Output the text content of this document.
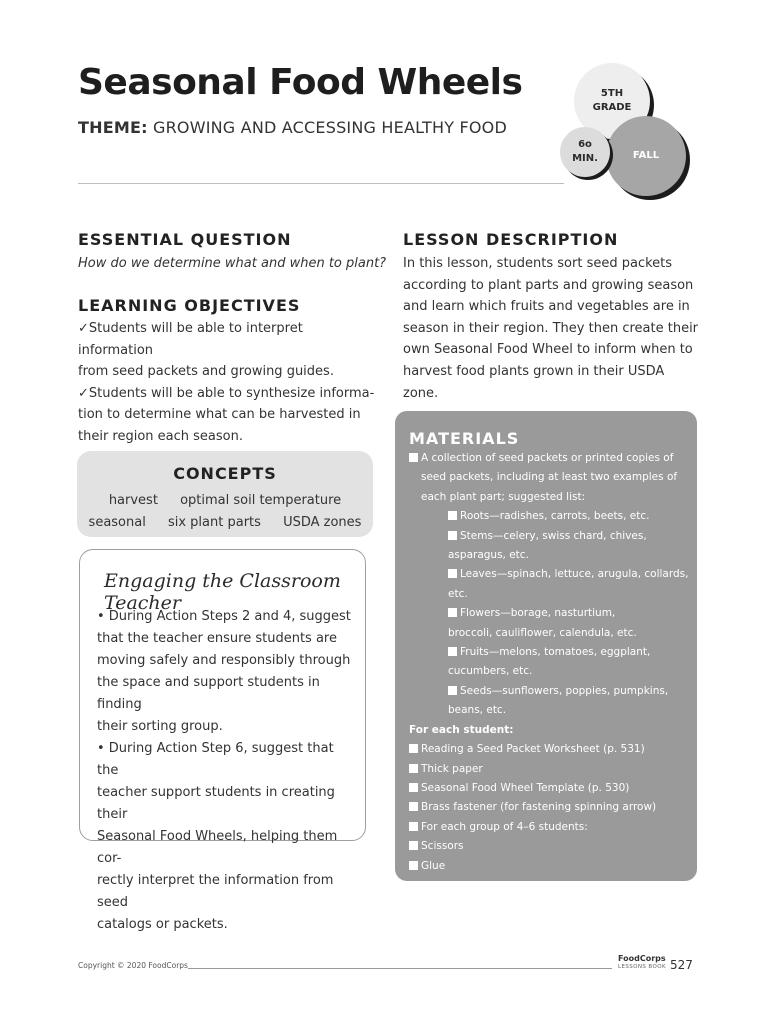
Seasonal Food Wheels
THEME: GROWING AND ACCESSING HEALTHY FOOD
5TH
GRADE
FALL
6o
MIN.
ESSENTIAL QUESTION
How do we determine what and when to plant?
LEARNING OBJECTIVES
✓Students will be able to interpret information
from seed packets and growing guides.
✓Students will be able to synthesize informa-
tion to determine what can be harvested in
their region each season.
LESSON DESCRIPTION
In this lesson, students sort seed packets
according to plant parts and growing season
and learn which fruits and vegetables are in
season in their region. They then create their
own Seasonal Food Wheel to inform when to
harvest food plants grown in their USDA zone.
CONCEPTS
harvest optimal soil temperature
seasonal six plant parts USDA zones
Engaging the Classroom Teacher
• During Action Steps 2 and 4, suggest
that the teacher ensure students are
moving safely and responsibly through
the space and support students in finding
their sorting group.
• During Action Step 6, suggest that the
teacher support students in creating their
Seasonal Food Wheels, helping them cor-
rectly interpret the information from seed
catalogs or packets.
MATERIALS
A collection of seed packets or printed copies of
seed packets, including at least two examples of
each plant part; suggested list:
Roots—radishes, carrots, beets, etc.
Stems—celery, swiss chard, chives,
asparagus, etc.
Leaves—spinach, lettuce, arugula, collards,
etc.
Flowers—borage, nasturtium,
broccoli, cauliflower, calendula, etc.
Fruits—melons, tomatoes, eggplant,
cucumbers, etc.
Seeds—sunflowers, poppies, pumpkins,
beans, etc.
For each student:
Reading a Seed Packet Worksheet (p. 531)
Thick paper
Seasonal Food Wheel Template (p. 530)
Brass fastener (for fastening spinning arrow)
For each group of 4–6 students:
Scissors
Glue
Copyright © 2020 FoodCorps
FoodCorps
LESSONS BOOK 527
